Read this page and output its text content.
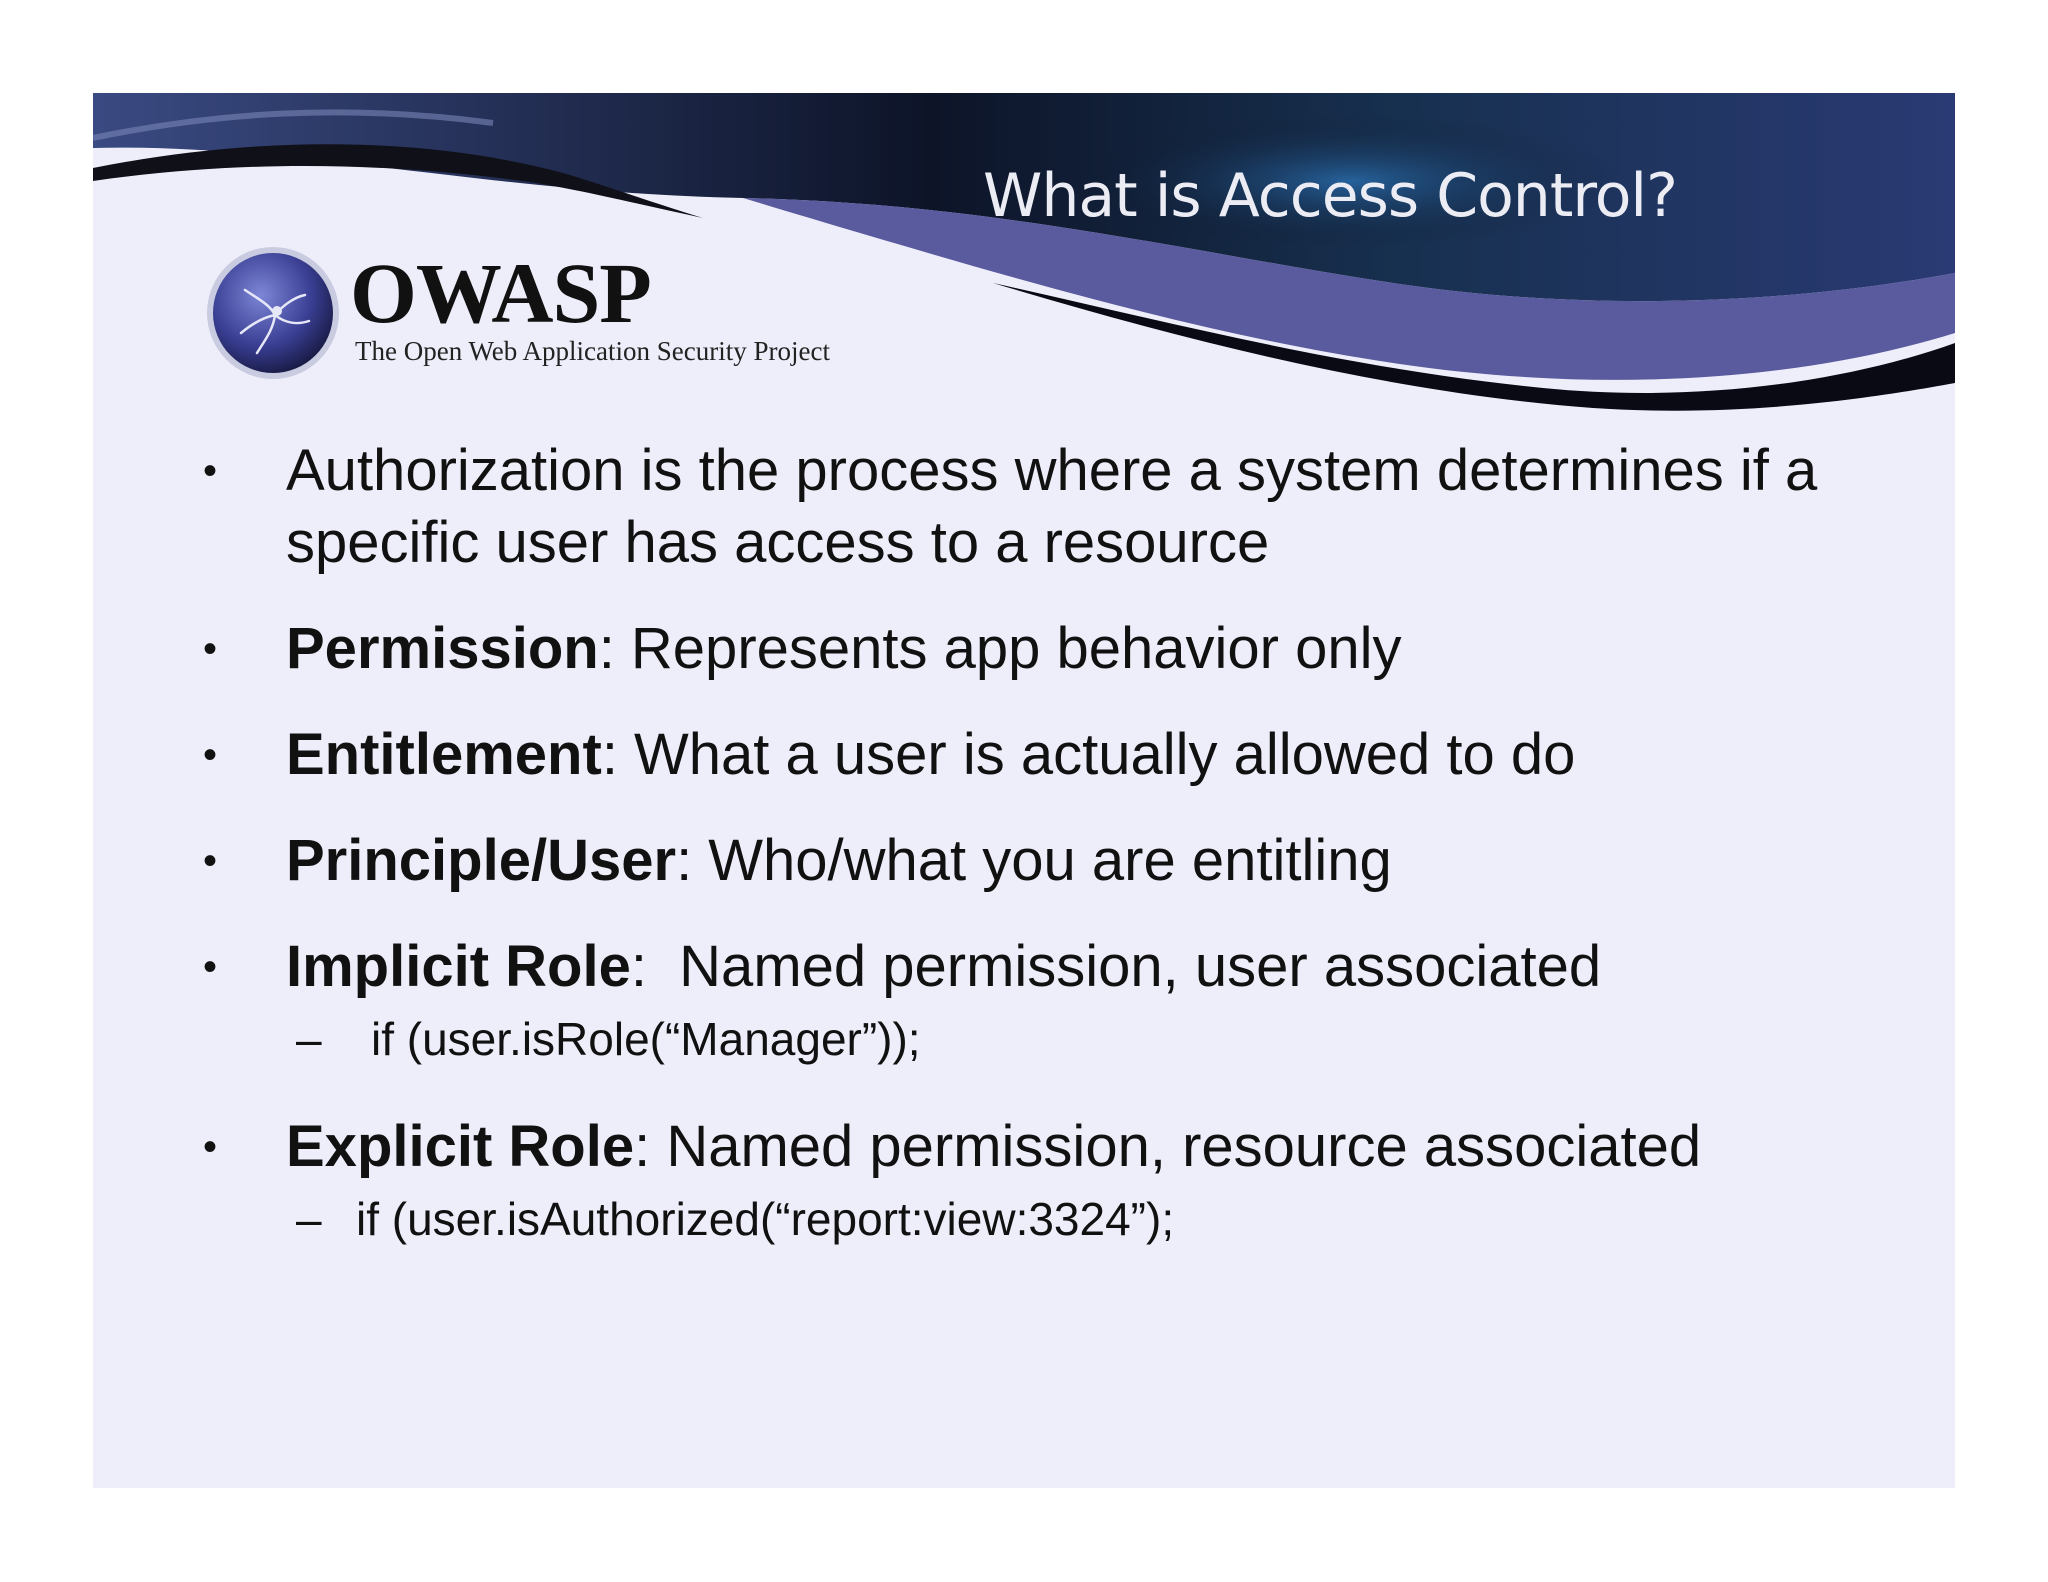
What is Access Control?
OWASP
The Open Web Application Security Project
• Authorization is the process where a system determines if a specific user has access to a resource
• Permission: Represents app behavior only
• Entitlement: What a user is actually allowed to do
• Principle/User: Who/what you are entitling
• Implicit Role:  Named permission, user associated
– if (user.isRole(“Manager”));
• Explicit Role: Named permission, resource associated
– if (user.isAuthorized(“report:view:3324”);
